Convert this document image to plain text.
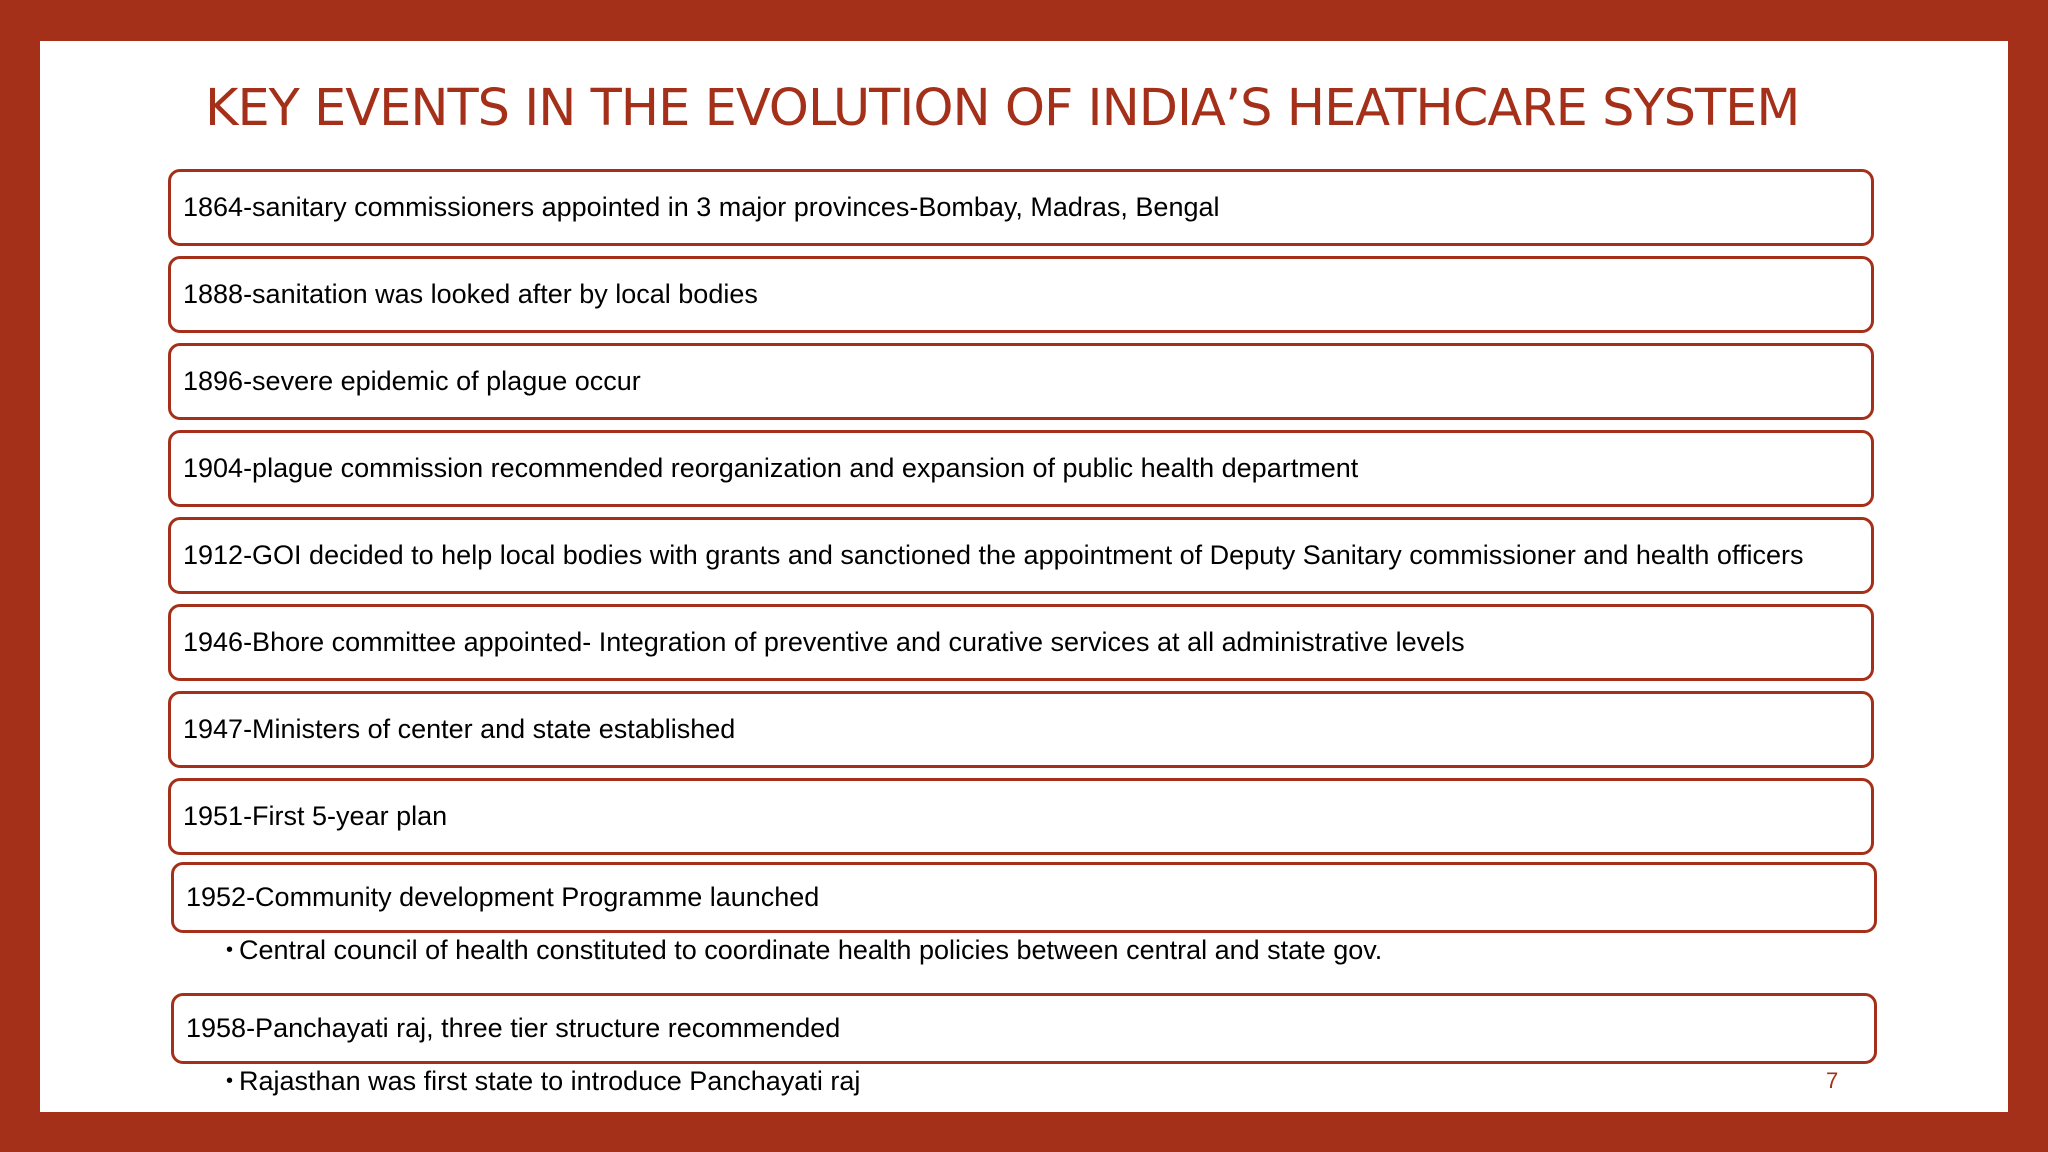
KEY EVENTS IN THE EVOLUTION OF INDIA’S HEATHCARE SYSTEM
1864-sanitary commissioners appointed in 3 major provinces-Bombay, Madras, Bengal
1888-sanitation was looked after by local bodies
1896-severe epidemic of plague occur
1904-plague commission recommended reorganization and expansion of public health department
1912-GOI decided to help local bodies with grants and sanctioned the appointment of Deputy Sanitary commissioner and health officers
1946-Bhore committee appointed- Integration of preventive and curative services at all administrative levels
1947-Ministers of center and state established
1951-First 5-year plan
1952-Community development Programme launched
• Central council of health constituted to coordinate health policies between central and state gov.
1958-Panchayati raj, three tier structure recommended
• Rajasthan was first state to introduce Panchayati raj	7
